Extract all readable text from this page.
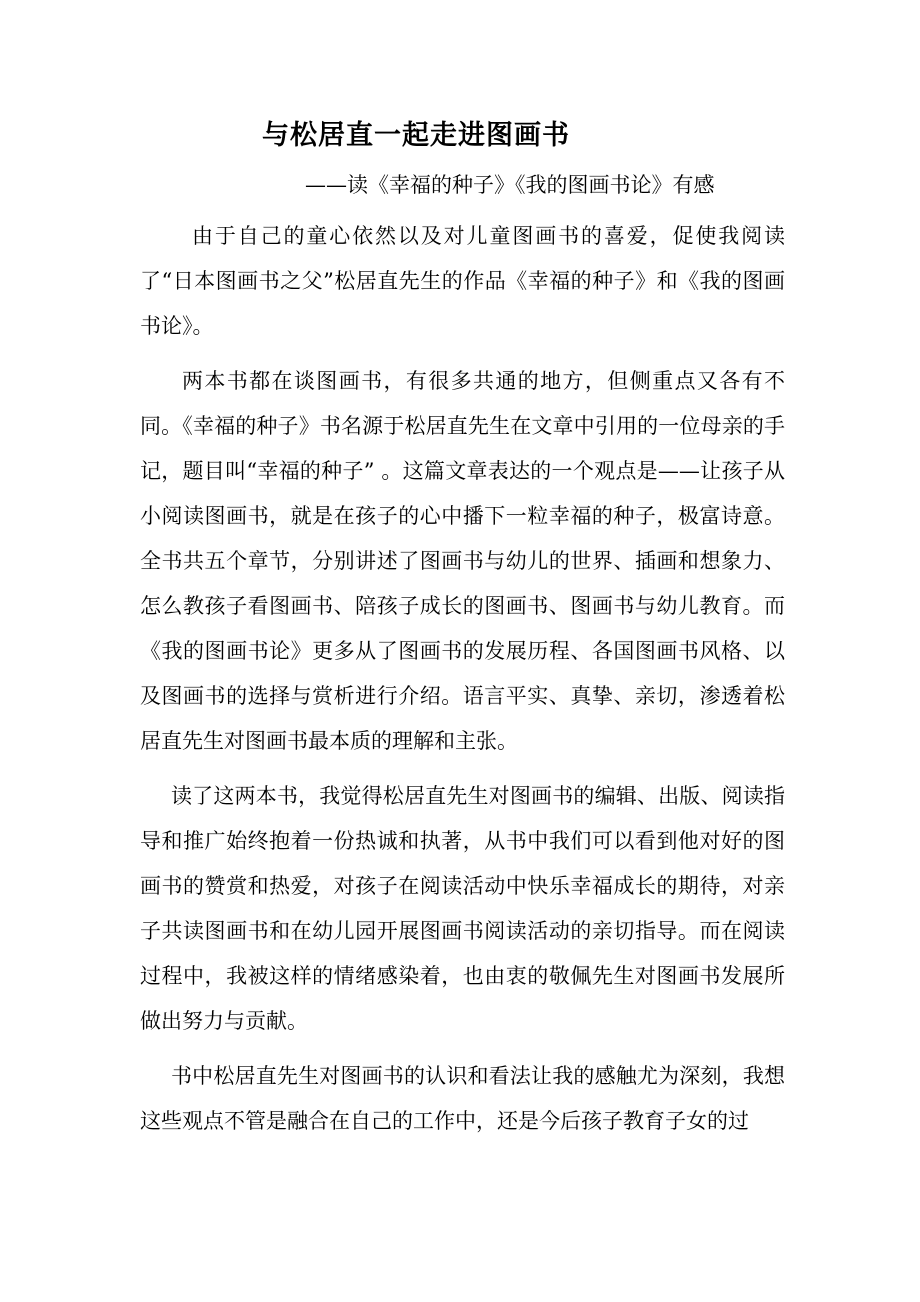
与松居直一起走进图画书
——读《幸福的种子》《我的图画书论》有感

由于自己的童心依然以及对儿童图画书的喜爱，促使我阅读了“日本图画书之父”松居直先生的作品《幸福的种子》和《我的图画书论》。

两本书都在谈图画书，有很多共通的地方，但侧重点又各有不同。《幸福的种子》书名源于松居直先生在文章中引用的一位母亲的手记，题目叫“幸福的种子” 。这篇文章表达的一个观点是——让孩子从小阅读图画书，就是在孩子的心中播下一粒幸福的种子，极富诗意。全书共五个章节，分别讲述了图画书与幼儿的世界、插画和想象力、怎么教孩子看图画书、陪孩子成长的图画书、图画书与幼儿教育。而《我的图画书论》更多从了图画书的发展历程、各国图画书风格、以及图画书的选择与赏析进行介绍。语言平实、真挚、亲切，渗透着松居直先生对图画书最本质的理解和主张。

读了这两本书，我觉得松居直先生对图画书的编辑、出版、阅读指导和推广始终抱着一份热诚和执著，从书中我们可以看到他对好的图画书的赞赏和热爱，对孩子在阅读活动中快乐幸福成长的期待，对亲子共读图画书和在幼儿园开展图画书阅读活动的亲切指导。而在阅读过程中，我被这样的情绪感染着，也由衷的敬佩先生对图画书发展所做出努力与贡献。

书中松居直先生对图画书的认识和看法让我的感触尤为深刻，我想这些观点不管是融合在自己的工作中，还是今后孩子教育子女的过
